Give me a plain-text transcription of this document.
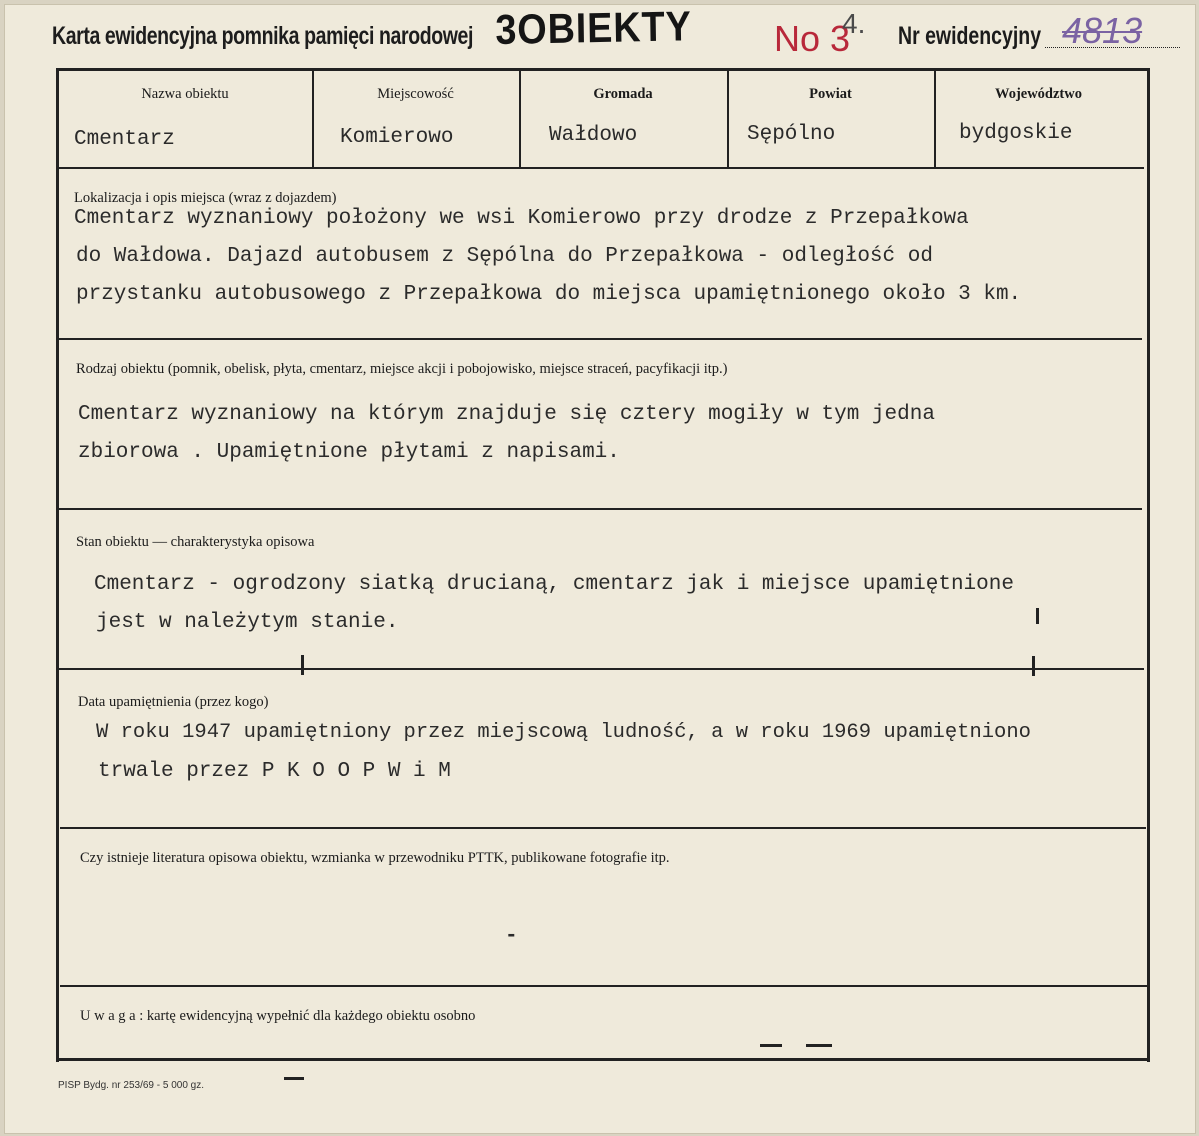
Karta ewidencyjna pomnika pamięci narodowej 3OBIEKTY No 3
4. Nr ewidencyjny 4813
Nazwa obiektu	Miejscowość	Gromada	Powiat	Województwo
Cmentarz	Komierowo	Wałdowo	Sępólno	bydgoskie
Lokalizacja i opis miejsca (wraz z dojazdem)
Cmentarz wyznaniowy położony we wsi Komierowo przy drodze z Przepałkowa
do Wałdowa. Dajazd autobusem z Sępólna do Przepałkowa - odległość od
przystanku autobusowego z Przepałkowa do miejsca upamiętnionego około 3 km.
Rodzaj obiektu (pomnik, obelisk, płyta, cmentarz, miejsce akcji i pobojowisko, miejsce straceń, pacyfikacji itp.)
Cmentarz wyznaniowy na którym znajduje się cztery mogiły w tym jedna
zbiorowa . Upamiętnione płytami z napisami.
Stan obiektu — charakterystyka opisowa
Cmentarz - ogrodzony siatką drucianą, cmentarz jak i miejsce upamiętnione
jest w należytym stanie.
Data upamiętnienia (przez kogo)
W roku 1947 upamiętniony przez miejscową ludność, a w roku 1969 upamiętniono
trwale przez P K O O P W i M
Czy istnieje literatura opisowa obiektu, wzmianka w przewodniku PTTK, publikowane fotografie itp.
-
U w a g a : kartę ewidencyjną wypełnić dla każdego obiektu osobno
PISP Bydg. nr 253/69 - 5 000 gz.
